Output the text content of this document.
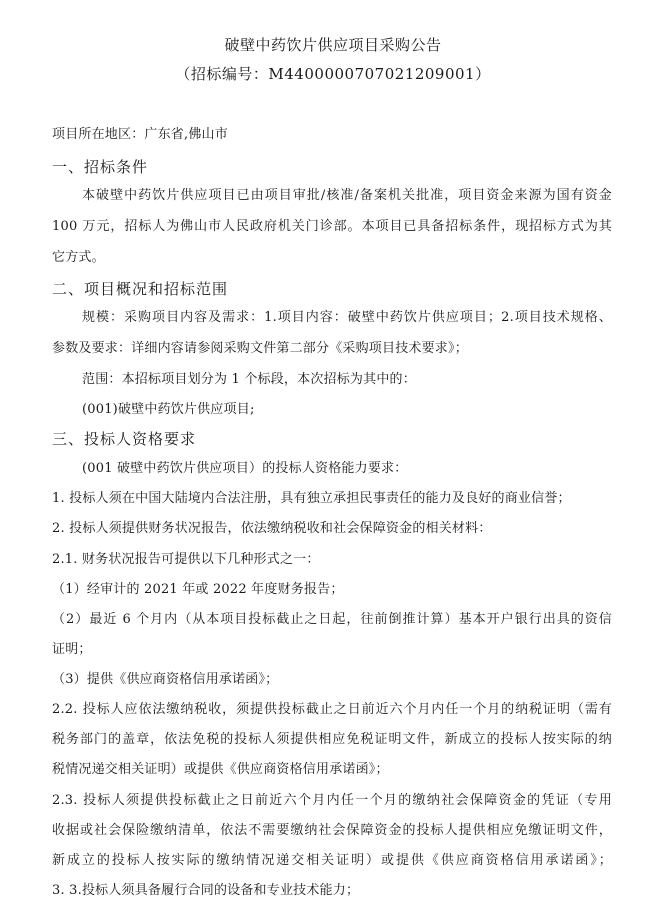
破壁中药饮片供应项目采购公告
（招标编号：M4400000707021209001）
项目所在地区：广东省,佛山市
一、招标条件
本破壁中药饮片供应项目已由项目审批/核准/备案机关批准，项目资金来源为国有资金
100 万元，招标人为佛山市人民政府机关门诊部。本项目已具备招标条件，现招标方式为其
它方式。
二、项目概况和招标范围
规模：采购项目内容及需求：1.项目内容：破壁中药饮片供应项目；2.项目技术规格、
参数及要求：详细内容请参阅采购文件第二部分《采购项目技术要求》；
范围：本招标项目划分为 1 个标段，本次招标为其中的：
(001)破壁中药饮片供应项目;
三、投标人资格要求
(001 破壁中药饮片供应项目）的投标人资格能力要求：
1. 投标人须在中国大陆境内合法注册，具有独立承担民事责任的能力及良好的商业信誉；
2. 投标人须提供财务状况报告，依法缴纳税收和社会保障资金的相关材料：
2.1. 财务状况报告可提供以下几种形式之一：
（1）经审计的 2021 年或 2022 年度财务报告；
（2）最近 6 个月内（从本项目投标截止之日起，往前倒推计算）基本开户银行出具的资信
证明；
（3）提供《供应商资格信用承诺函》；
2.2. 投标人应依法缴纳税收，须提供投标截止之日前近六个月内任一个月的纳税证明（需有
税务部门的盖章，依法免税的投标人须提供相应免税证明文件，新成立的投标人按实际的纳
税情况递交相关证明）或提供《供应商资格信用承诺函》；
2.3. 投标人须提供投标截止之日前近六个月内任一个月的缴纳社会保障资金的凭证（专用
收据或社会保险缴纳清单，依法不需要缴纳社会保障资金的投标人提供相应免缴证明文件，
新成立的投标人按实际的缴纳情况递交相关证明）或提供《供应商资格信用承诺函》；
3. 3.投标人须具备履行合同的设备和专业技术能力；
